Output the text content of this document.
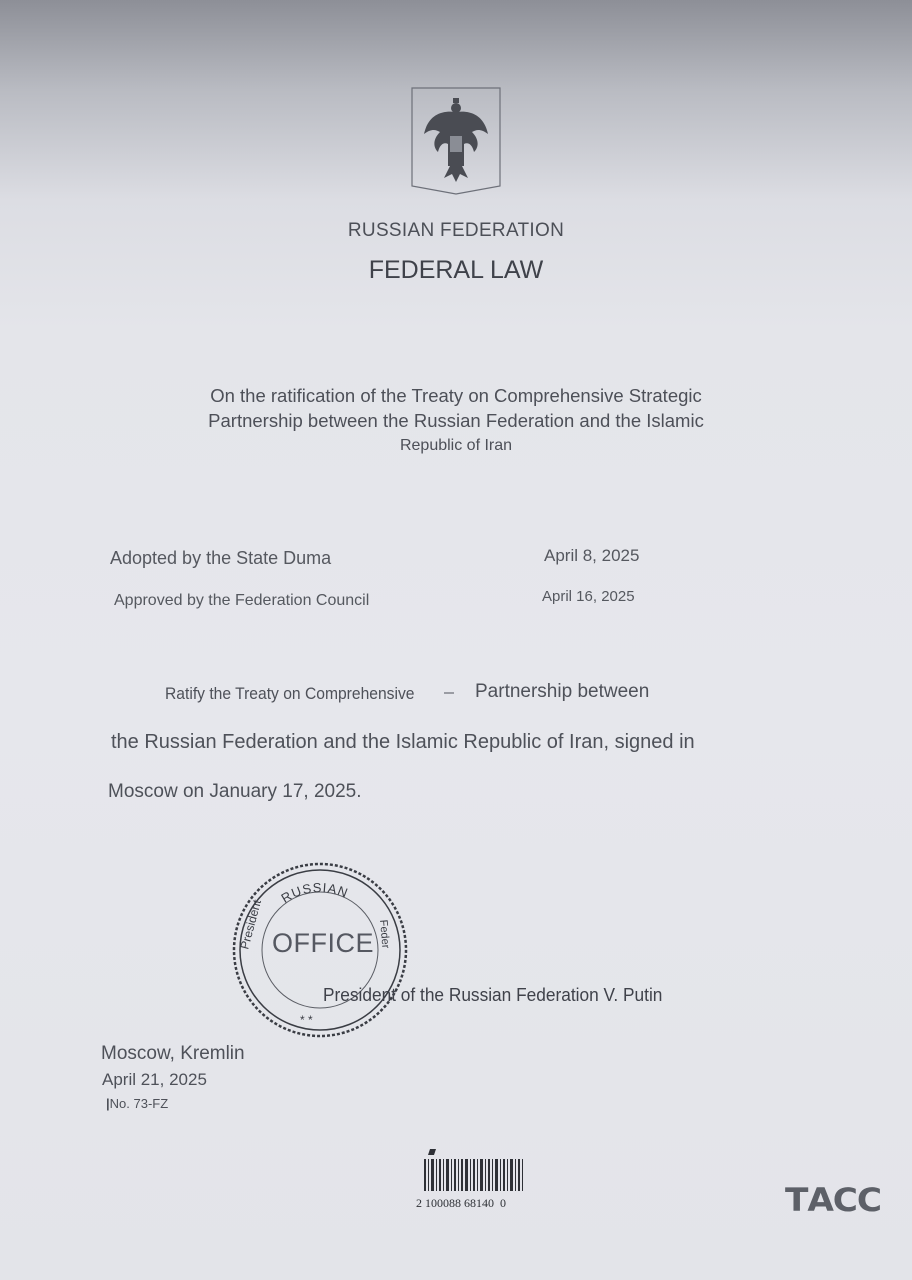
RUSSIAN FEDERATION
FEDERAL LAW
On the ratification of the Treaty on Comprehensive Strategic
Partnership between the Russian Federation and the Islamic
Republic of Iran
Adopted by the State Duma	April 8, 2025
Approved by the Federation Council	April 16, 2025
Ratify the Treaty on Comprehensive	Partnership between
the Russian Federation and the Islamic Republic of Iran, signed in
Moscow on January 17, 2025.
RUSSIAN
President	Feder
* *
OFFICE
President of the Russian Federation V. Putin
Moscow, Kremlin
April 21, 2025
|No. 73-FZ
2 100088 68140  0	ТАСС
